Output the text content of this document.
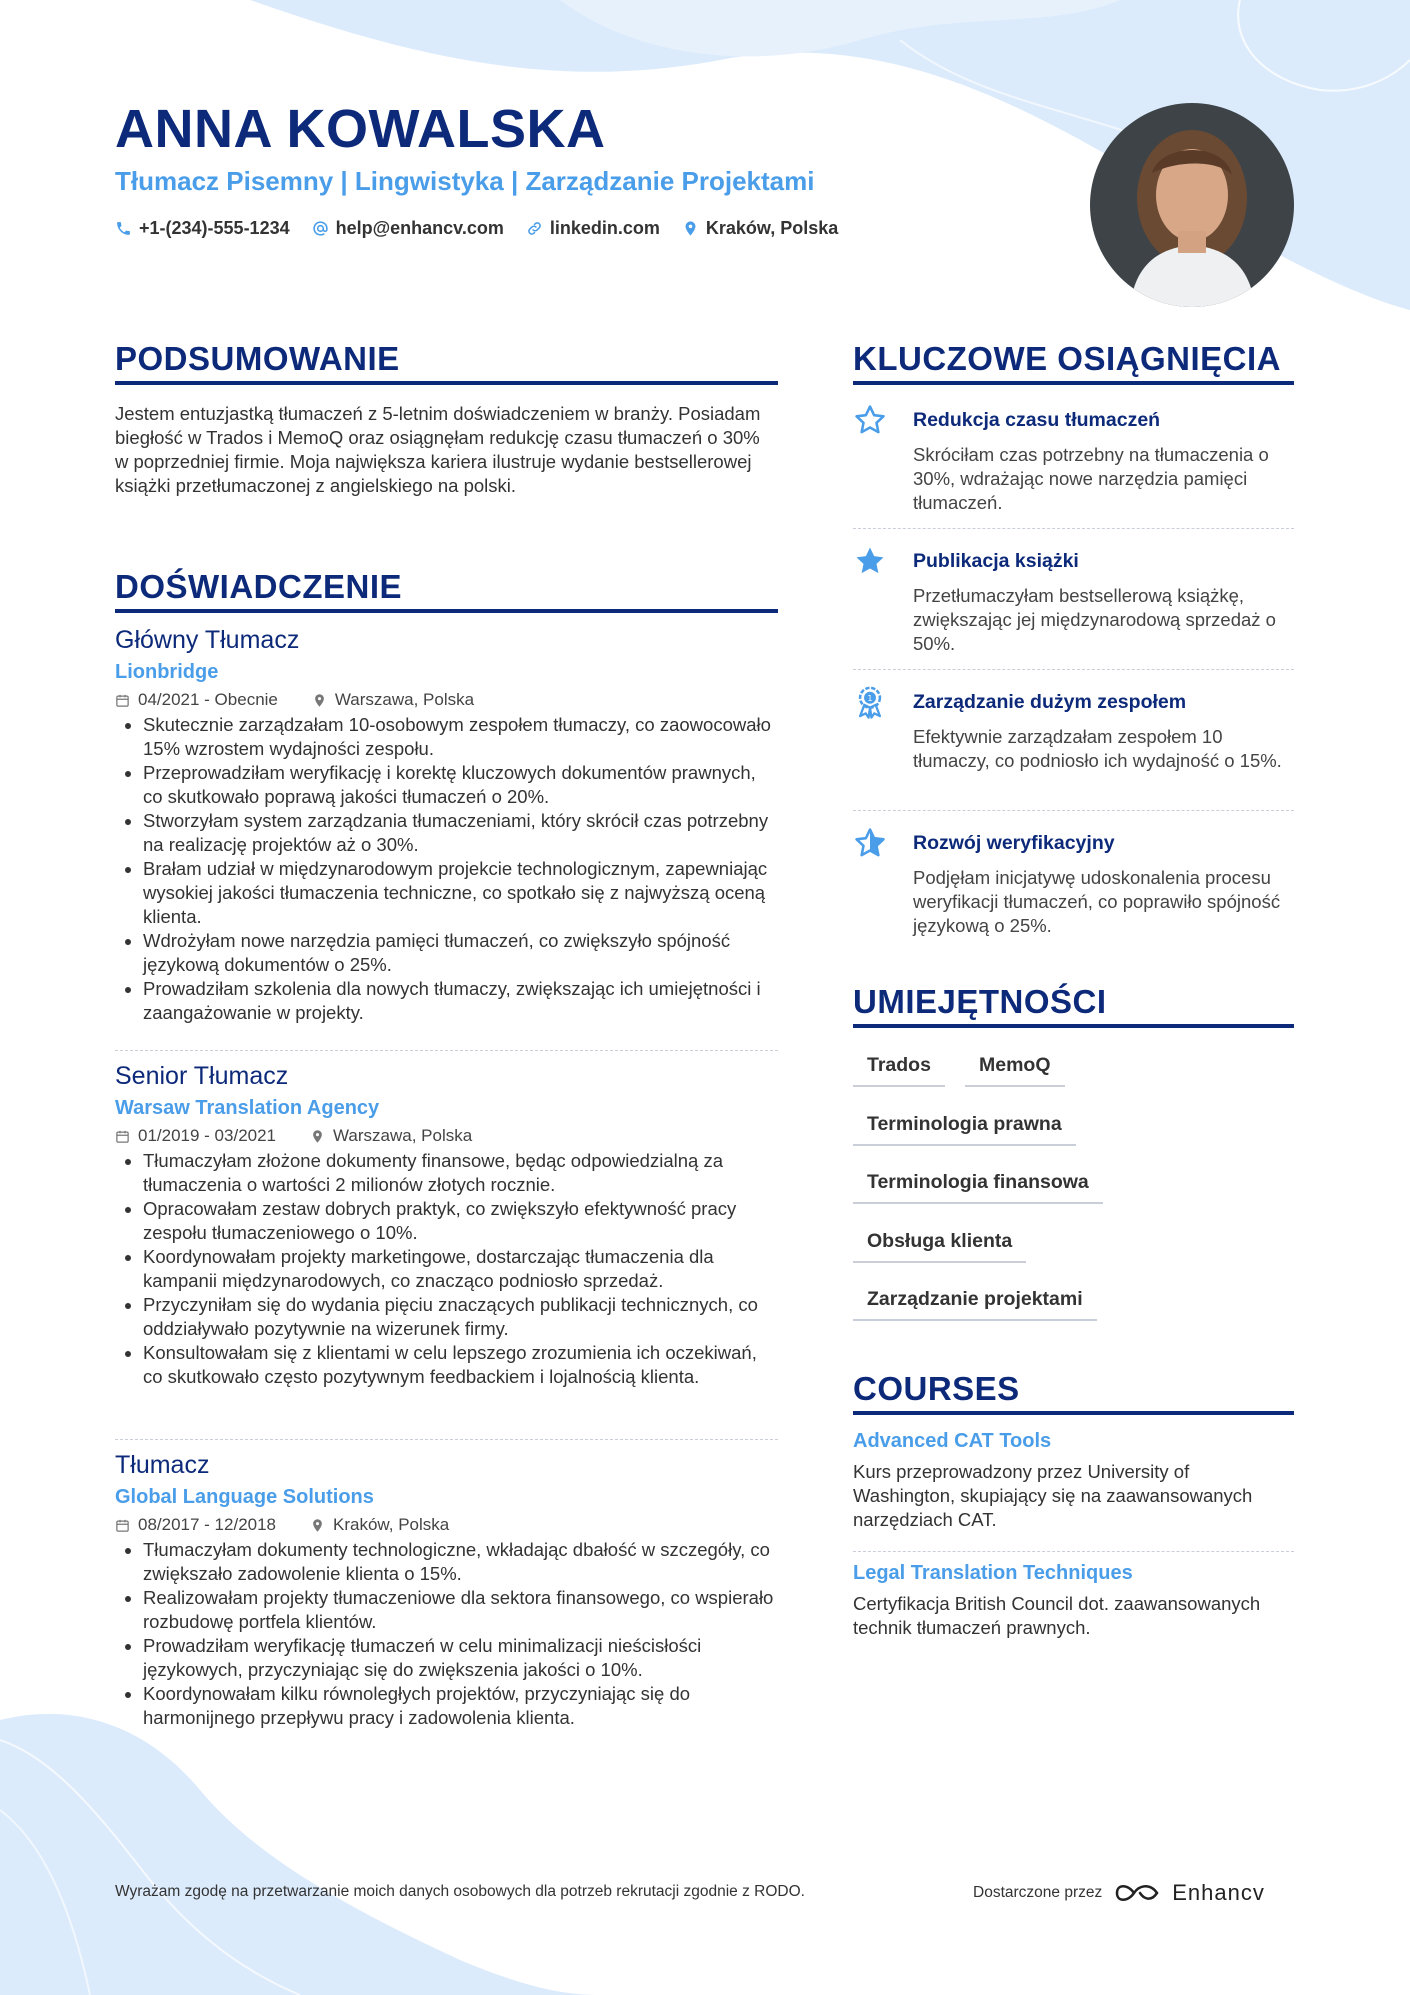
ANNA KOWALSKA
Tłumacz Pisemny | Lingwistyka | Zarządzanie Projektami
+1-(234)-555-1234	help@enhancv.com	linkedin.com	Kraków, Polska
PODSUMOWANIE
Jestem entuzjastką tłumaczeń z 5-letnim doświadczeniem w branży. Posiadam biegłość w Trados i MemoQ oraz osiągnęłam redukcję czasu tłumaczeń o 30% w poprzedniej firmie. Moja największa kariera ilustruje wydanie bestsellerowej książki przetłumaczonej z angielskiego na polski.
DOŚWIADCZENIE
Główny Tłumacz
Lionbridge
04/2021 - Obecnie	Warszawa, Polska
• Skutecznie zarządzałam 10-osobowym zespołem tłumaczy, co zaowocowało 15% wzrostem wydajności zespołu.
• Przeprowadziłam weryfikację i korektę kluczowych dokumentów prawnych, co skutkowało poprawą jakości tłumaczeń o 20%.
• Stworzyłam system zarządzania tłumaczeniami, który skrócił czas potrzebny na realizację projektów aż o 30%.
• Brałam udział w międzynarodowym projekcie technologicznym, zapewniając wysokiej jakości tłumaczenia techniczne, co spotkało się z najwyższą oceną klienta.
• Wdrożyłam nowe narzędzia pamięci tłumaczeń, co zwiększyło spójność językową dokumentów o 25%.
• Prowadziłam szkolenia dla nowych tłumaczy, zwiększając ich umiejętności i zaangażowanie w projekty.
Senior Tłumacz
Warsaw Translation Agency
01/2019 - 03/2021	Warszawa, Polska
• Tłumaczyłam złożone dokumenty finansowe, będąc odpowiedzialną za tłumaczenia o wartości 2 milionów złotych rocznie.
• Opracowałam zestaw dobrych praktyk, co zwiększyło efektywność pracy zespołu tłumaczeniowego o 10%.
• Koordynowałam projekty marketingowe, dostarczając tłumaczenia dla kampanii międzynarodowych, co znacząco podniosło sprzedaż.
• Przyczyniłam się do wydania pięciu znaczących publikacji technicznych, co oddziaływało pozytywnie na wizerunek firmy.
• Konsultowałam się z klientami w celu lepszego zrozumienia ich oczekiwań, co skutkowało często pozytywnym feedbackiem i lojalnością klienta.
Tłumacz
Global Language Solutions
08/2017 - 12/2018	Kraków, Polska
• Tłumaczyłam dokumenty technologiczne, wkładając dbałość w szczegóły, co zwiększało zadowolenie klienta o 15%.
• Realizowałam projekty tłumaczeniowe dla sektora finansowego, co wspierało rozbudowę portfela klientów.
• Prowadziłam weryfikację tłumaczeń w celu minimalizacji nieścisłości językowych, przyczyniając się do zwiększenia jakości o 10%.
• Koordynowałam kilku równoległych projektów, przyczyniając się do harmonijnego przepływu pracy i zadowolenia klienta.
KLUCZOWE OSIĄGNIĘCIA
Redukcja czasu tłumaczeń
Skróciłam czas potrzebny na tłumaczenia o 30%, wdrażając nowe narzędzia pamięci tłumaczeń.
Publikacja książki
Przetłumaczyłam bestsellerową książkę, zwiększając jej międzynarodową sprzedaż o 50%.
1 Zarządzanie dużym zespołem
Efektywnie zarządzałam zespołem 10 tłumaczy, co podniosło ich wydajność o 15%.
Rozwój weryfikacyjny
Podjęłam inicjatywę udoskonalenia procesu weryfikacji tłumaczeń, co poprawiło spójność językową o 25%.
UMIEJĘTNOŚCI
Trados	MemoQ
Terminologia prawna
Terminologia finansowa
Obsługa klienta
Zarządzanie projektami
COURSES
Advanced CAT Tools
Kurs przeprowadzony przez University of Washington, skupiający się na zaawansowanych narzędziach CAT.
Legal Translation Techniques
Certyfikacja British Council dot. zaawansowanych technik tłumaczeń prawnych.
Wyrażam zgodę na przetwarzanie moich danych osobowych dla potrzeb rekrutacji zgodnie z RODO.	Dostarczone przez	Enhancv
